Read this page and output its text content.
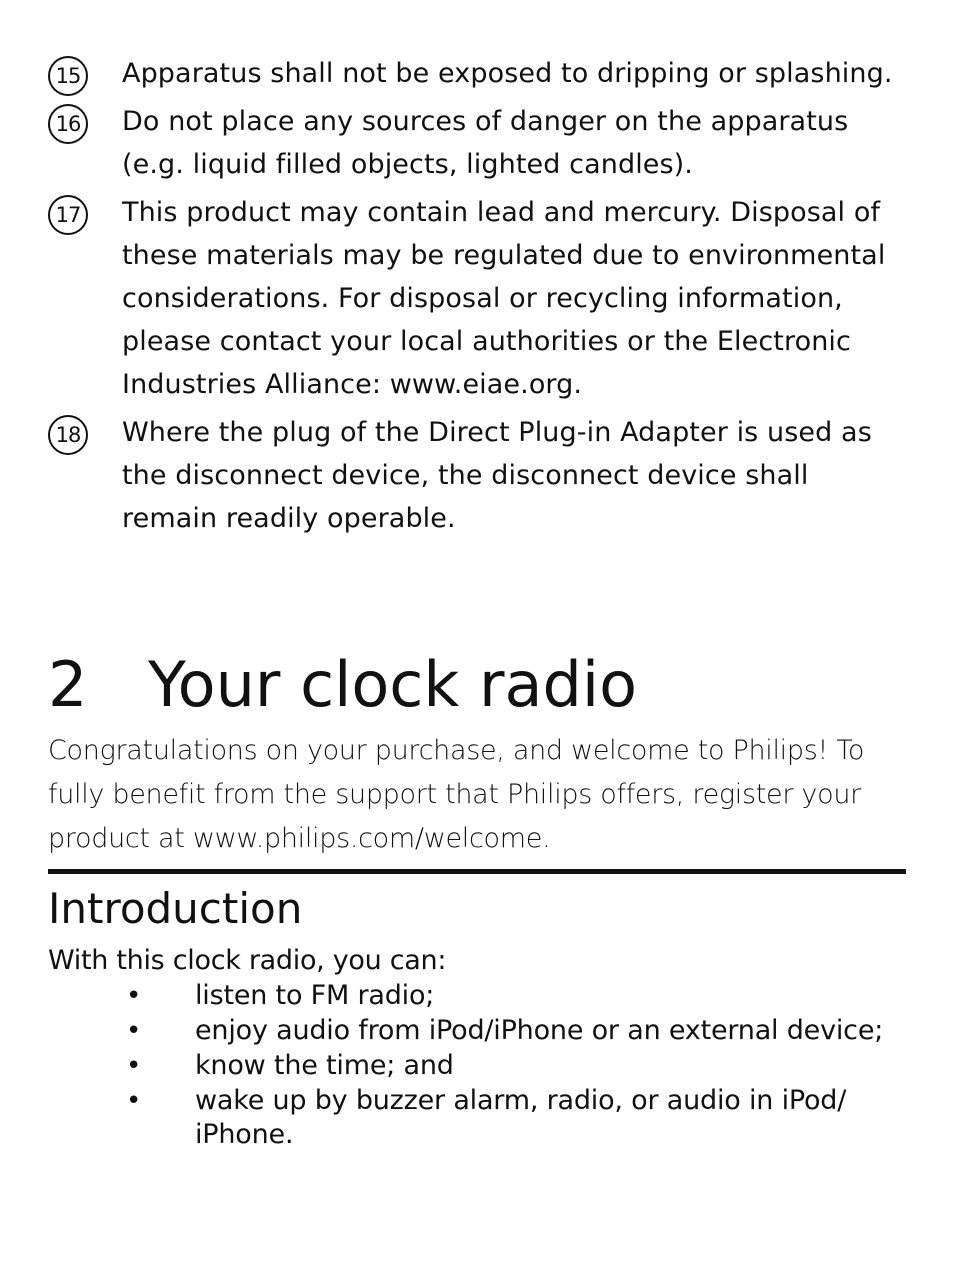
15 Apparatus shall not be exposed to dripping or splashing.
16 Do not place any sources of danger on the apparatus (e.g. liquid filled objects, lighted candles).
17 This product may contain lead and mercury. Disposal of these materials may be regulated due to environmental considerations. For disposal or recycling information, please contact your local authorities or the Electronic Industries Alliance: www.eiae.org.
18 Where the plug of the Direct Plug-in Adapter is used as the disconnect device, the disconnect device shall remain readily operable.
2 Your clock radio

Congratulations on your purchase, and welcome to Philips! To fully benefit from the support that Philips offers, register your product at www.philips.com/welcome.

Introduction

With this clock radio, you can:

• listen to FM radio;
• enjoy audio from iPod/iPhone or an external device;
• know the time; and
• wake up by buzzer alarm, radio, or audio in iPod/ iPhone.
